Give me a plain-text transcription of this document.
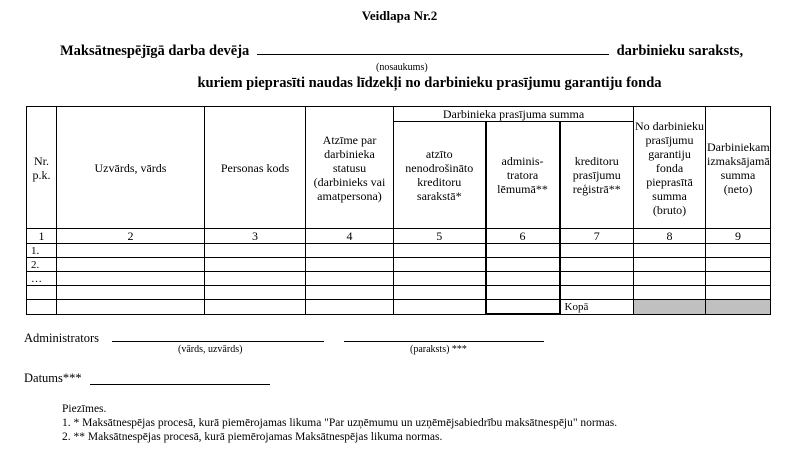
Veidlapa Nr.2
Maksātnespējīgā darba devēja	darbinieku saraksts,
(nosaukums)
kuriem pieprasīti naudas līdzekļi no darbinieku prasījumu garantiju fonda
Nr. p.k.	Uzvārds, vārds	Personas kods	Atzīme par darbinieka statusu (darbinieks vai amatpersona)	Darbinieka prasījuma summa			No darbinieku prasījumu garantiju fonda pieprasītā summa (bruto)	Darbiniekam izmaksājamā summa (neto)
				atzīto nenodrošināto kreditoru sarakstā*	adminis-tratora lēmumā**	kreditoru prasījumu reģistrā**		
1	2	3	4	5	6	7	8	9
1.								
2.								
…								

						Kopā		
Administrators
(vārds, uzvārds)	(paraksts) ***
Datums***
Piezīmes.
1. * Maksātnespējas procesā, kurā piemērojamas likuma "Par uzņēmumu un uzņēmējsabiedrību maksātnespēju" normas.
2. ** Maksātnespējas procesā, kurā piemērojamas Maksātnespējas likuma normas.
